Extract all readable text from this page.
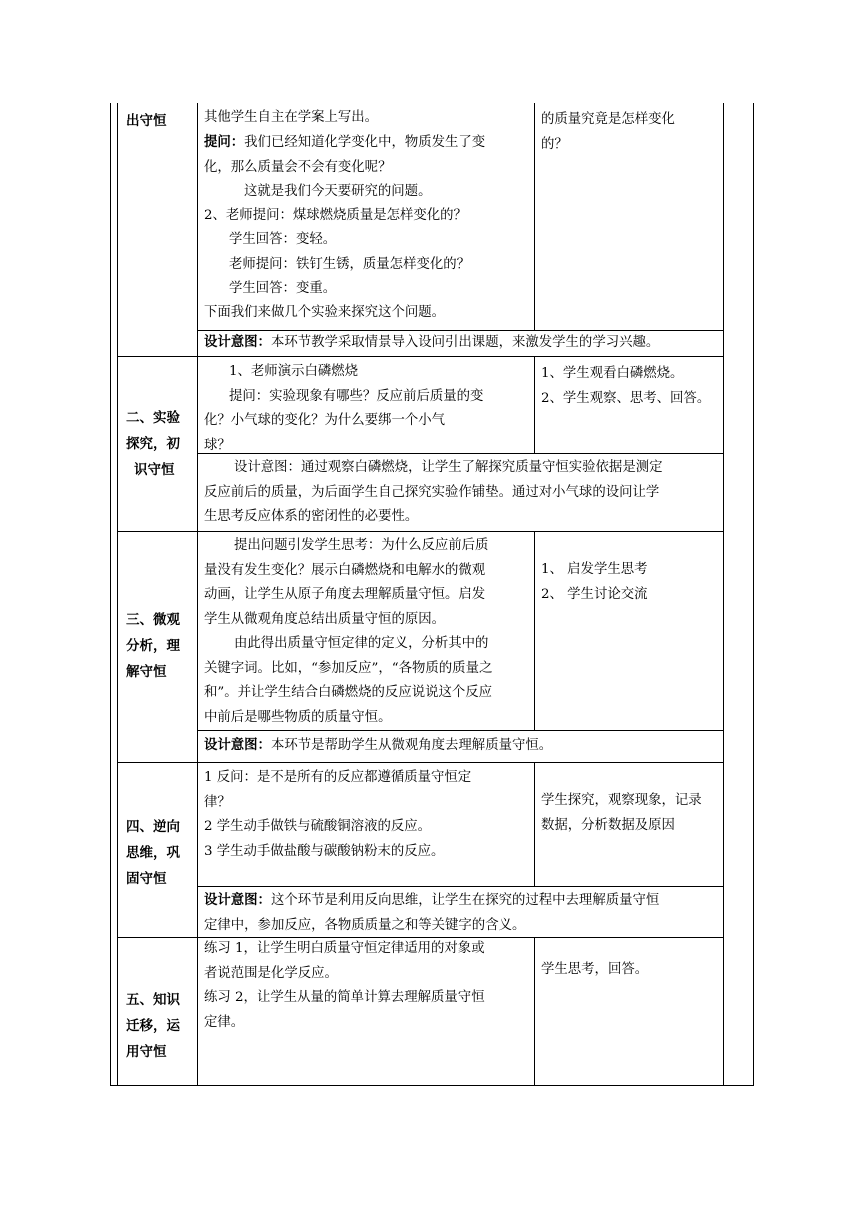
出守恒	其他学生自主在学案上写出。
提问：我们已经知道化学变化中，物质发生了变
化，那么质量会不会有变化呢？
这就是我们今天要研究的问题。
2、老师提问：煤球燃烧质量是怎样变化的？
学生回答：变轻。
老师提问：铁钉生锈，质量怎样变化的？
学生回答：变重。
下面我们来做几个实验来探究这个问题。
的质量究竟是怎样变化
的？
设计意图：本环节教学采取情景导入设问引出课题，来激发学生的学习兴趣。
二、实验
探究，初
识守恒
1、老师演示白磷燃烧
提问：实验现象有哪些？反应前后质量的变
化？小气球的变化？为什么要绑一个小气
球？
1、学生观看白磷燃烧。
2、学生观察、思考、回答。
设计意图：通过观察白磷燃烧，让学生了解探究质量守恒实验依据是测定
反应前后的质量，为后面学生自己探究实验作铺垫。通过对小气球的设问让学
生思考反应体系的密闭性的必要性。
三、微观
分析，理
解守恒
提出问题引发学生思考：为什么反应前后质
量没有发生变化？展示白磷燃烧和电解水的微观
动画，让学生从原子角度去理解质量守恒。启发
学生从微观角度总结出质量守恒的原因。
由此得出质量守恒定律的定义，分析其中的
关键字词。比如，“参加反应”，“各物质的质量之
和”。并让学生结合白磷燃烧的反应说说这个反应
中前后是哪些物质的质量守恒。
1、 启发学生思考
2、 学生讨论交流
设计意图：本环节是帮助学生从微观角度去理解质量守恒。
四、逆向
思维，巩
固守恒
1 反问：是不是所有的反应都遵循质量守恒定
律？
2 学生动手做铁与硫酸铜溶液的反应。
3 学生动手做盐酸与碳酸钠粉末的反应。
学生探究，观察现象，记录
数据，分析数据及原因
设计意图：这个环节是利用反向思维，让学生在探究的过程中去理解质量守恒
定律中，参加反应，各物质质量之和等关键字的含义。
五、知识
迁移，运
用守恒
练习 1，让学生明白质量守恒定律适用的对象或
者说范围是化学反应。
练习 2，让学生从量的简单计算去理解质量守恒
定律。
学生思考，回答。
